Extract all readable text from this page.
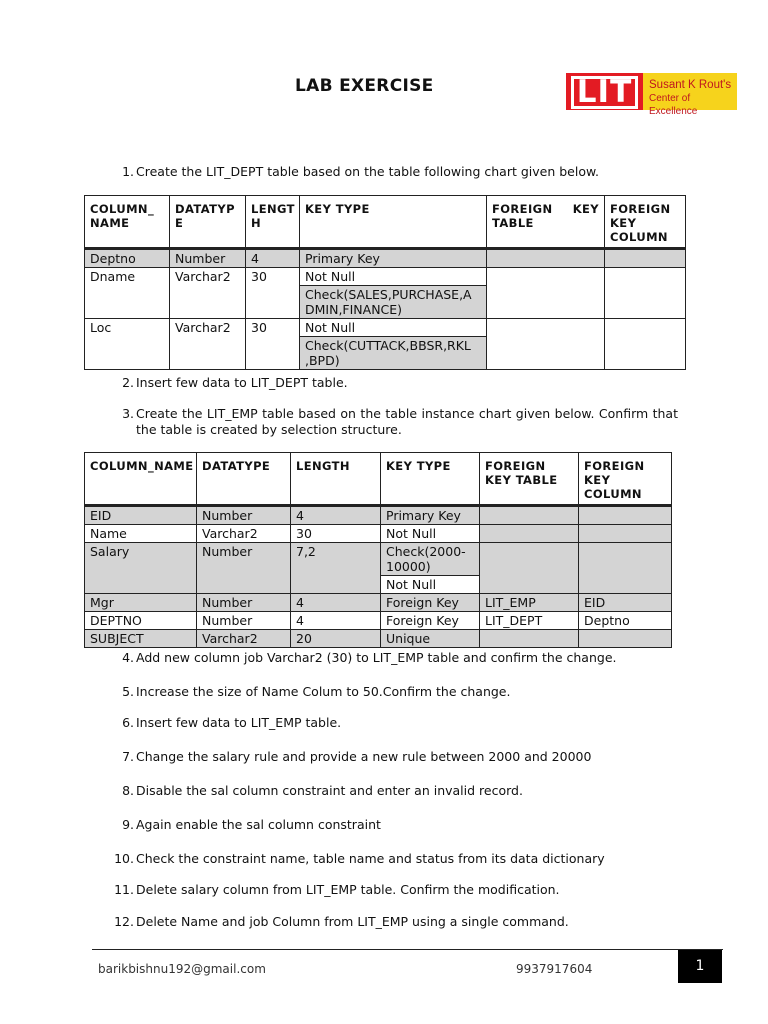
LAB EXERCISE	LIT	Susant K Rout's
Center of Excellence
1. Create the LIT_DEPT table based on the table following chart given below.
COLUMN_ NAME	DATATYP E	LENGT H	KEY TYPE	FOREIGN KEY TABLE	FOREIGN KEY COLUMN
Deptno	Number	4	Primary Key		
Dname	Varchar2	30	Not Null		
			Check(SALES,PURCHASE,A DMIN,FINANCE)		
Loc	Varchar2	30	Not Null		
			Check(CUTTACK,BBSR,RKL ,BPD)		
2. Insert few data to LIT_DEPT table.
3. Create the LIT_EMP table based on the table instance chart given below. Confirm that the table is created by selection structure.
COLUMN_NAME	DATATYPE	LENGTH	KEY TYPE	FOREIGN KEY TABLE	FOREIGN KEY COLUMN
EID	Number	4	Primary Key		
Name	Varchar2	30	Not Null		
Salary	Number	7,2	Check(2000- 10000)		
			Not Null		
Mgr	Number	4	Foreign Key	LIT_EMP	EID
DEPTNO	Number	4	Foreign Key	LIT_DEPT	Deptno
SUBJECT	Varchar2	20	Unique		
4. Add new column job Varchar2 (30) to LIT_EMP table and confirm the change.
5. Increase the size of Name Colum to 50.Confirm the change.
6. Insert few data to LIT_EMP table.
7. Change the salary rule and provide a new rule between 2000 and 20000
8. Disable the sal column constraint and enter an invalid record.
9. Again enable the sal column constraint
10. Check the constraint name, table name and status from its data dictionary
11. Delete salary column from LIT_EMP table. Confirm the modification.
12. Delete Name and job Column from LIT_EMP using a single command.
barikbishnu192@gmail.com	9937917604	1
